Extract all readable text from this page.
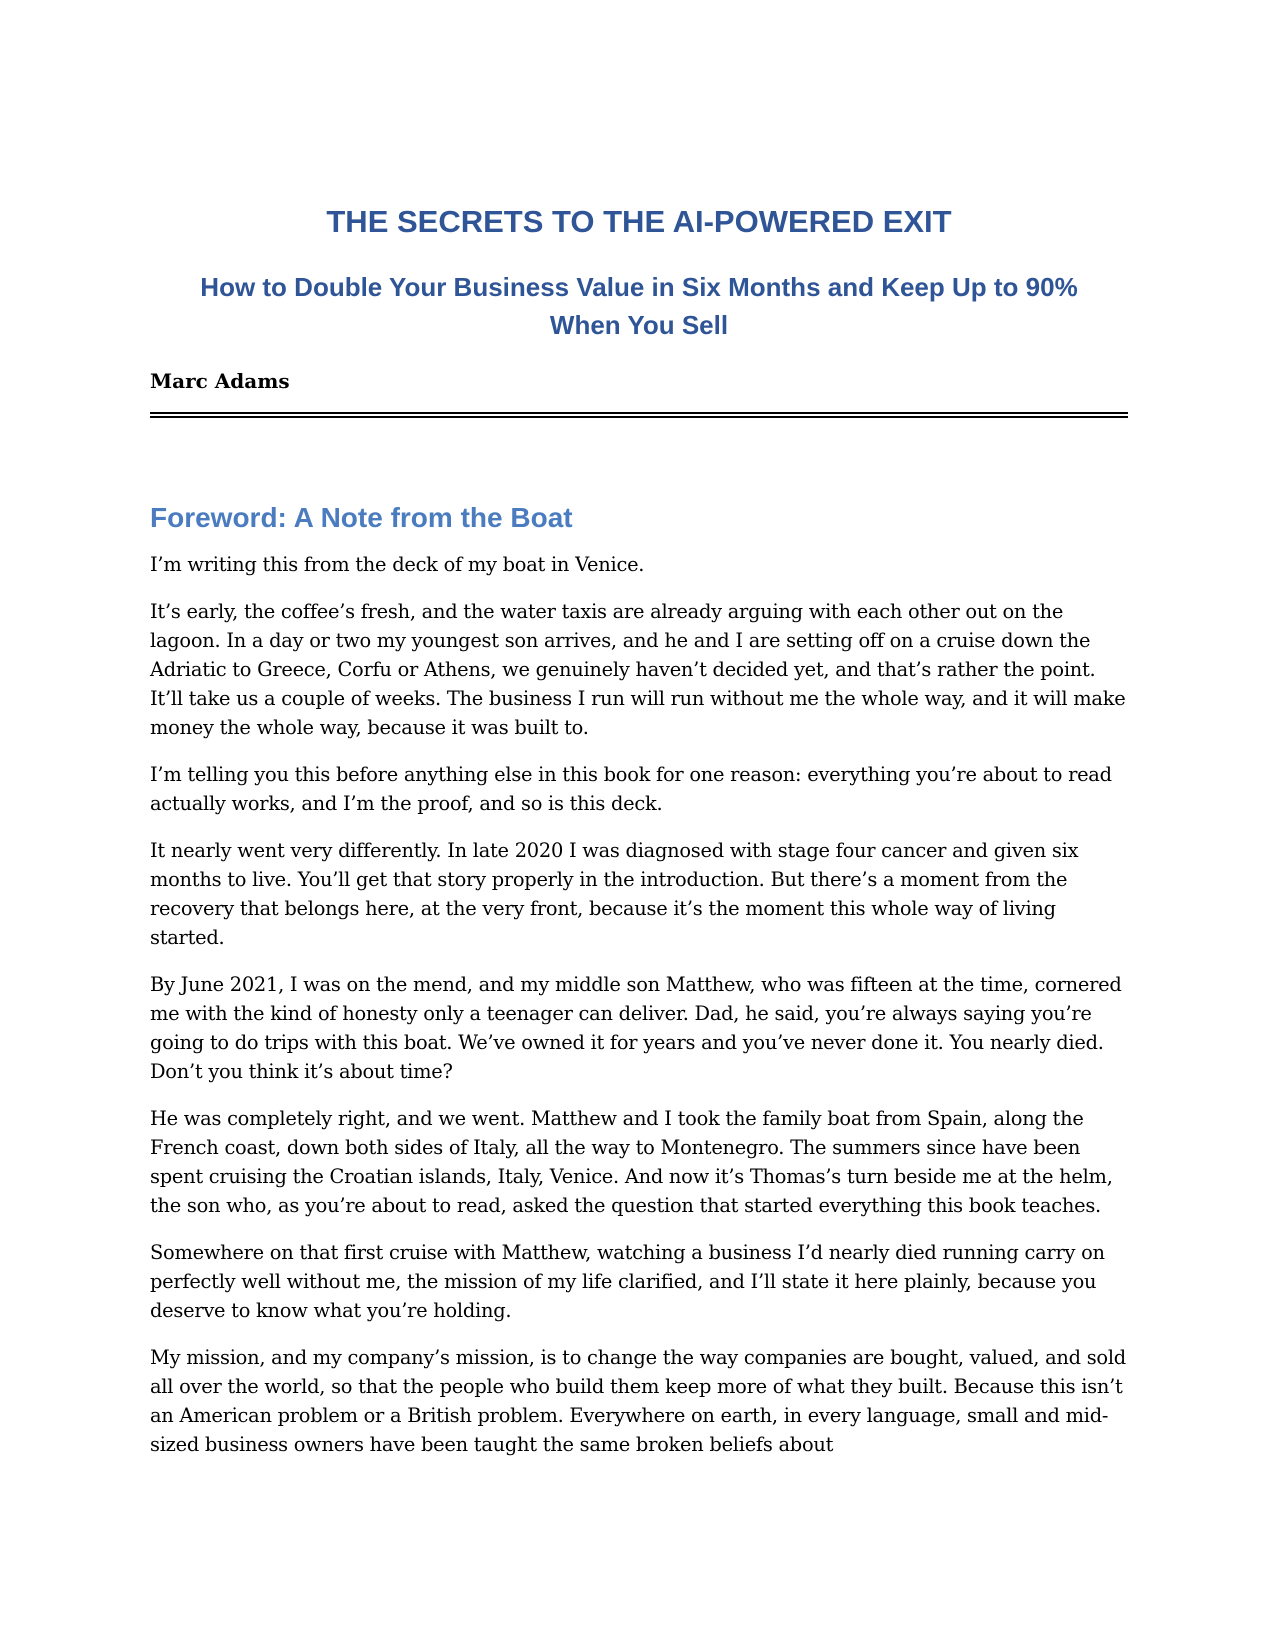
THE SECRETS TO THE AI-POWERED EXIT
How to Double Your Business Value in Six Months and Keep Up to 90%
When You Sell
Marc Adams
Foreword: A Note from the Boat

I’m writing this from the deck of my boat in Venice.

It’s early, the coffee’s fresh, and the water taxis are already arguing with each other out on the lagoon. In a day or two my youngest son arrives, and he and I are setting off on a cruise down the Adriatic to Greece, Corfu or Athens, we genuinely haven’t decided yet, and that’s rather the point. It’ll take us a couple of weeks. The business I run will run without me the whole way, and it will make money the whole way, because it was built to.

I’m telling you this before anything else in this book for one reason: everything you’re about to read actually works, and I’m the proof, and so is this deck.

It nearly went very differently. In late 2020 I was diagnosed with stage four cancer and given six months to live. You’ll get that story properly in the introduction. But there’s a moment from the recovery that belongs here, at the very front, because it’s the moment this whole way of living started.

By June 2021, I was on the mend, and my middle son Matthew, who was fifteen at the time, cornered me with the kind of honesty only a teenager can deliver. Dad, he said, you’re always saying you’re going to do trips with this boat. We’ve owned it for years and you’ve never done it. You nearly died. Don’t you think it’s about time?

He was completely right, and we went. Matthew and I took the family boat from Spain, along the French coast, down both sides of Italy, all the way to Montenegro. The summers since have been spent cruising the Croatian islands, Italy, Venice. And now it’s Thomas’s turn beside me at the helm, the son who, as you’re about to read, asked the question that started everything this book teaches.

Somewhere on that first cruise with Matthew, watching a business I’d nearly died running carry on perfectly well without me, the mission of my life clarified, and I’ll state it here plainly, because you deserve to know what you’re holding.

My mission, and my company’s mission, is to change the way companies are bought, valued, and sold all over the world, so that the people who build them keep more of what they built. Because this isn’t an American problem or a British problem. Everywhere on earth, in every language, small and mid-sized business owners have been taught the same broken beliefs about
